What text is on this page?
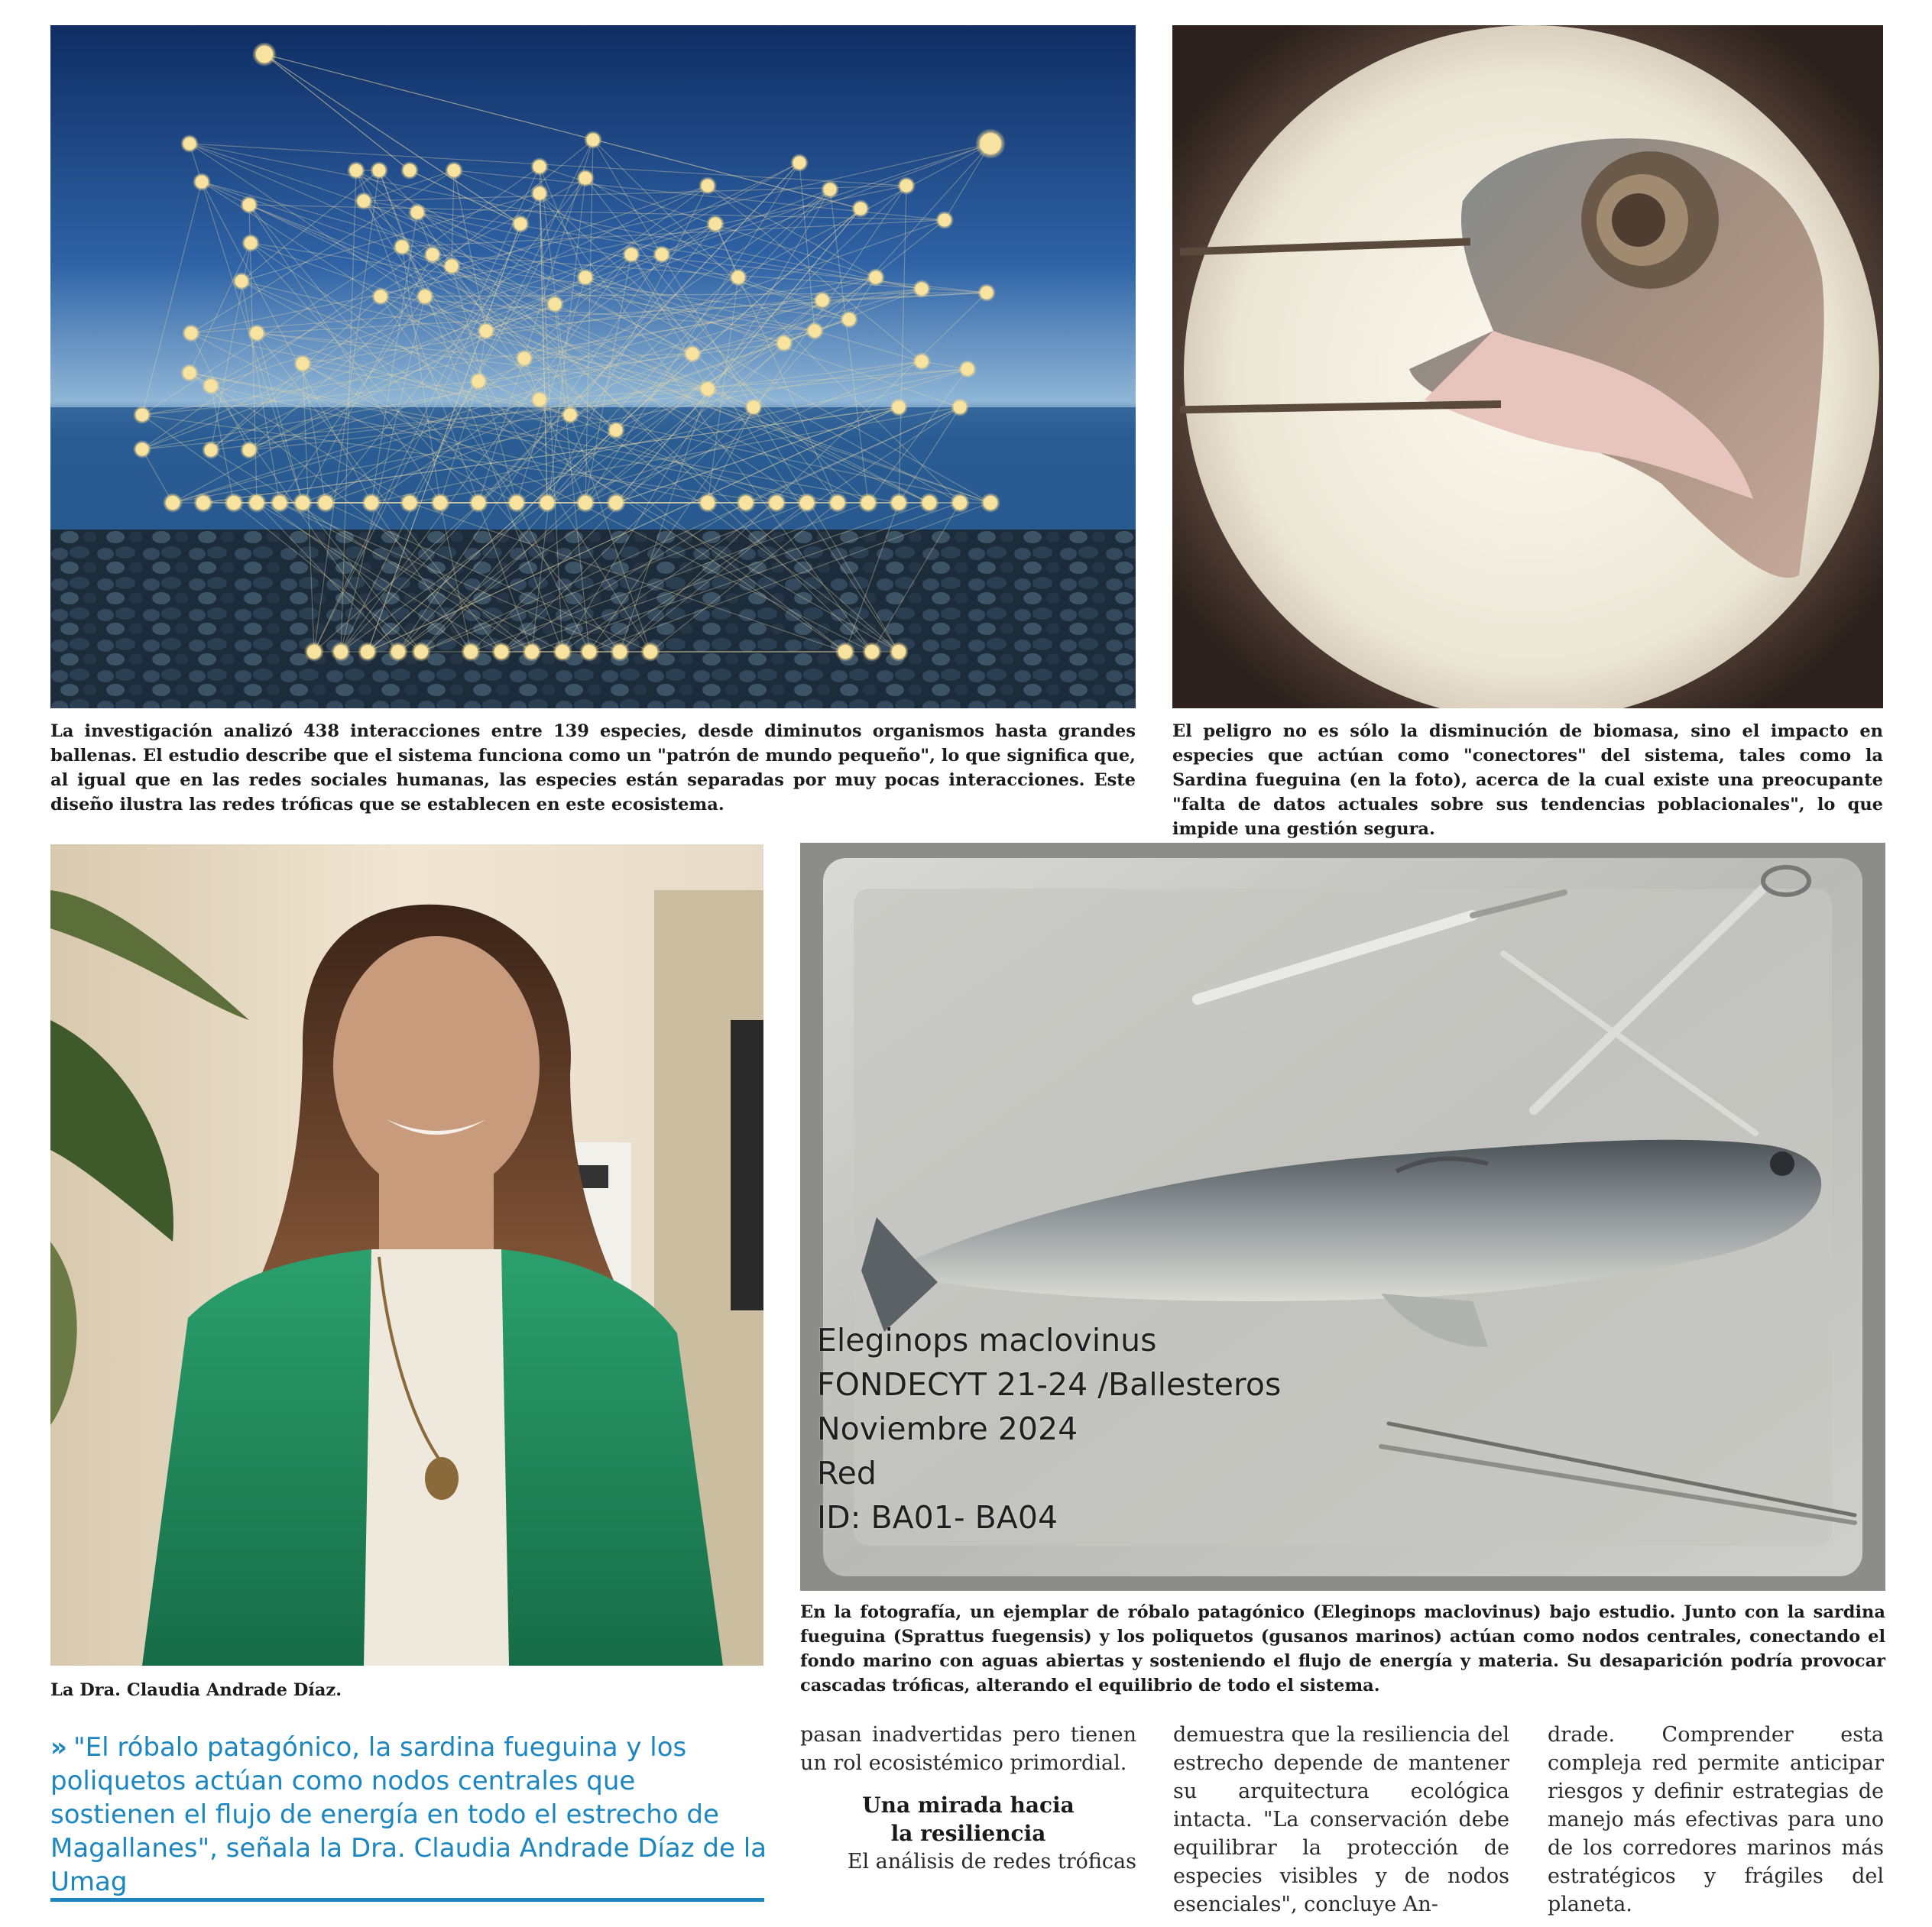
La investigación analizó 438 interacciones entre 139 especies, desde diminutos organismos hasta grandes ballenas. El estudio describe que el sistema funciona como un "patrón de mundo pequeño", lo que significa que, al igual que en las redes sociales humanas, las especies están separadas por muy pocas interacciones. Este diseño ilustra las redes tróficas que se establecen en este ecosistema.
El peligro no es sólo la disminución de biomasa, sino el impacto en especies que actúan como "conectores" del sistema, tales como la Sardina fueguina (en la foto), acerca de la cual existe una preocupante "falta de datos actuales sobre sus tendencias poblacionales", lo que impide una gestión segura.
La Dra. Claudia Andrade Díaz.
Eleginops maclovinus
FONDECYT 21-24 /Ballesteros
Noviembre 2024
Red
ID: BA01- BA04
En la fotografía, un ejemplar de róbalo patagónico (Eleginops maclovinus) bajo estudio. Junto con la sardina fueguina (Sprattus fuegensis) y los poliquetos (gusanos marinos) actúan como nodos centrales, conectando el fondo marino con aguas abiertas y sosteniendo el flujo de energía y materia. Su desaparición podría provocar cascadas tróficas, alterando el equilibrio de todo el sistema.
» "El róbalo patagónico, la sardina fueguina y los poliquetos actúan como nodos centrales que sostienen el flujo de energía en todo el estrecho de Magallanes", señala la Dra. Claudia Andrade Díaz de la Umag

pasan inadvertidas pero tienen un rol ecosistémico primordial.

Una mirada hacia la resiliencia

El análisis de redes tróficas

demuestra que la resiliencia del estrecho depende de mantener su arquitectura ecológica intacta. "La conservación debe equilibrar la protección de especies visibles y de nodos esenciales", concluye An-
drade. Comprender esta compleja red permite anticipar riesgos y definir estrategias de manejo más efectivas para uno de los corredores marinos más estratégicos y frágiles del planeta.
